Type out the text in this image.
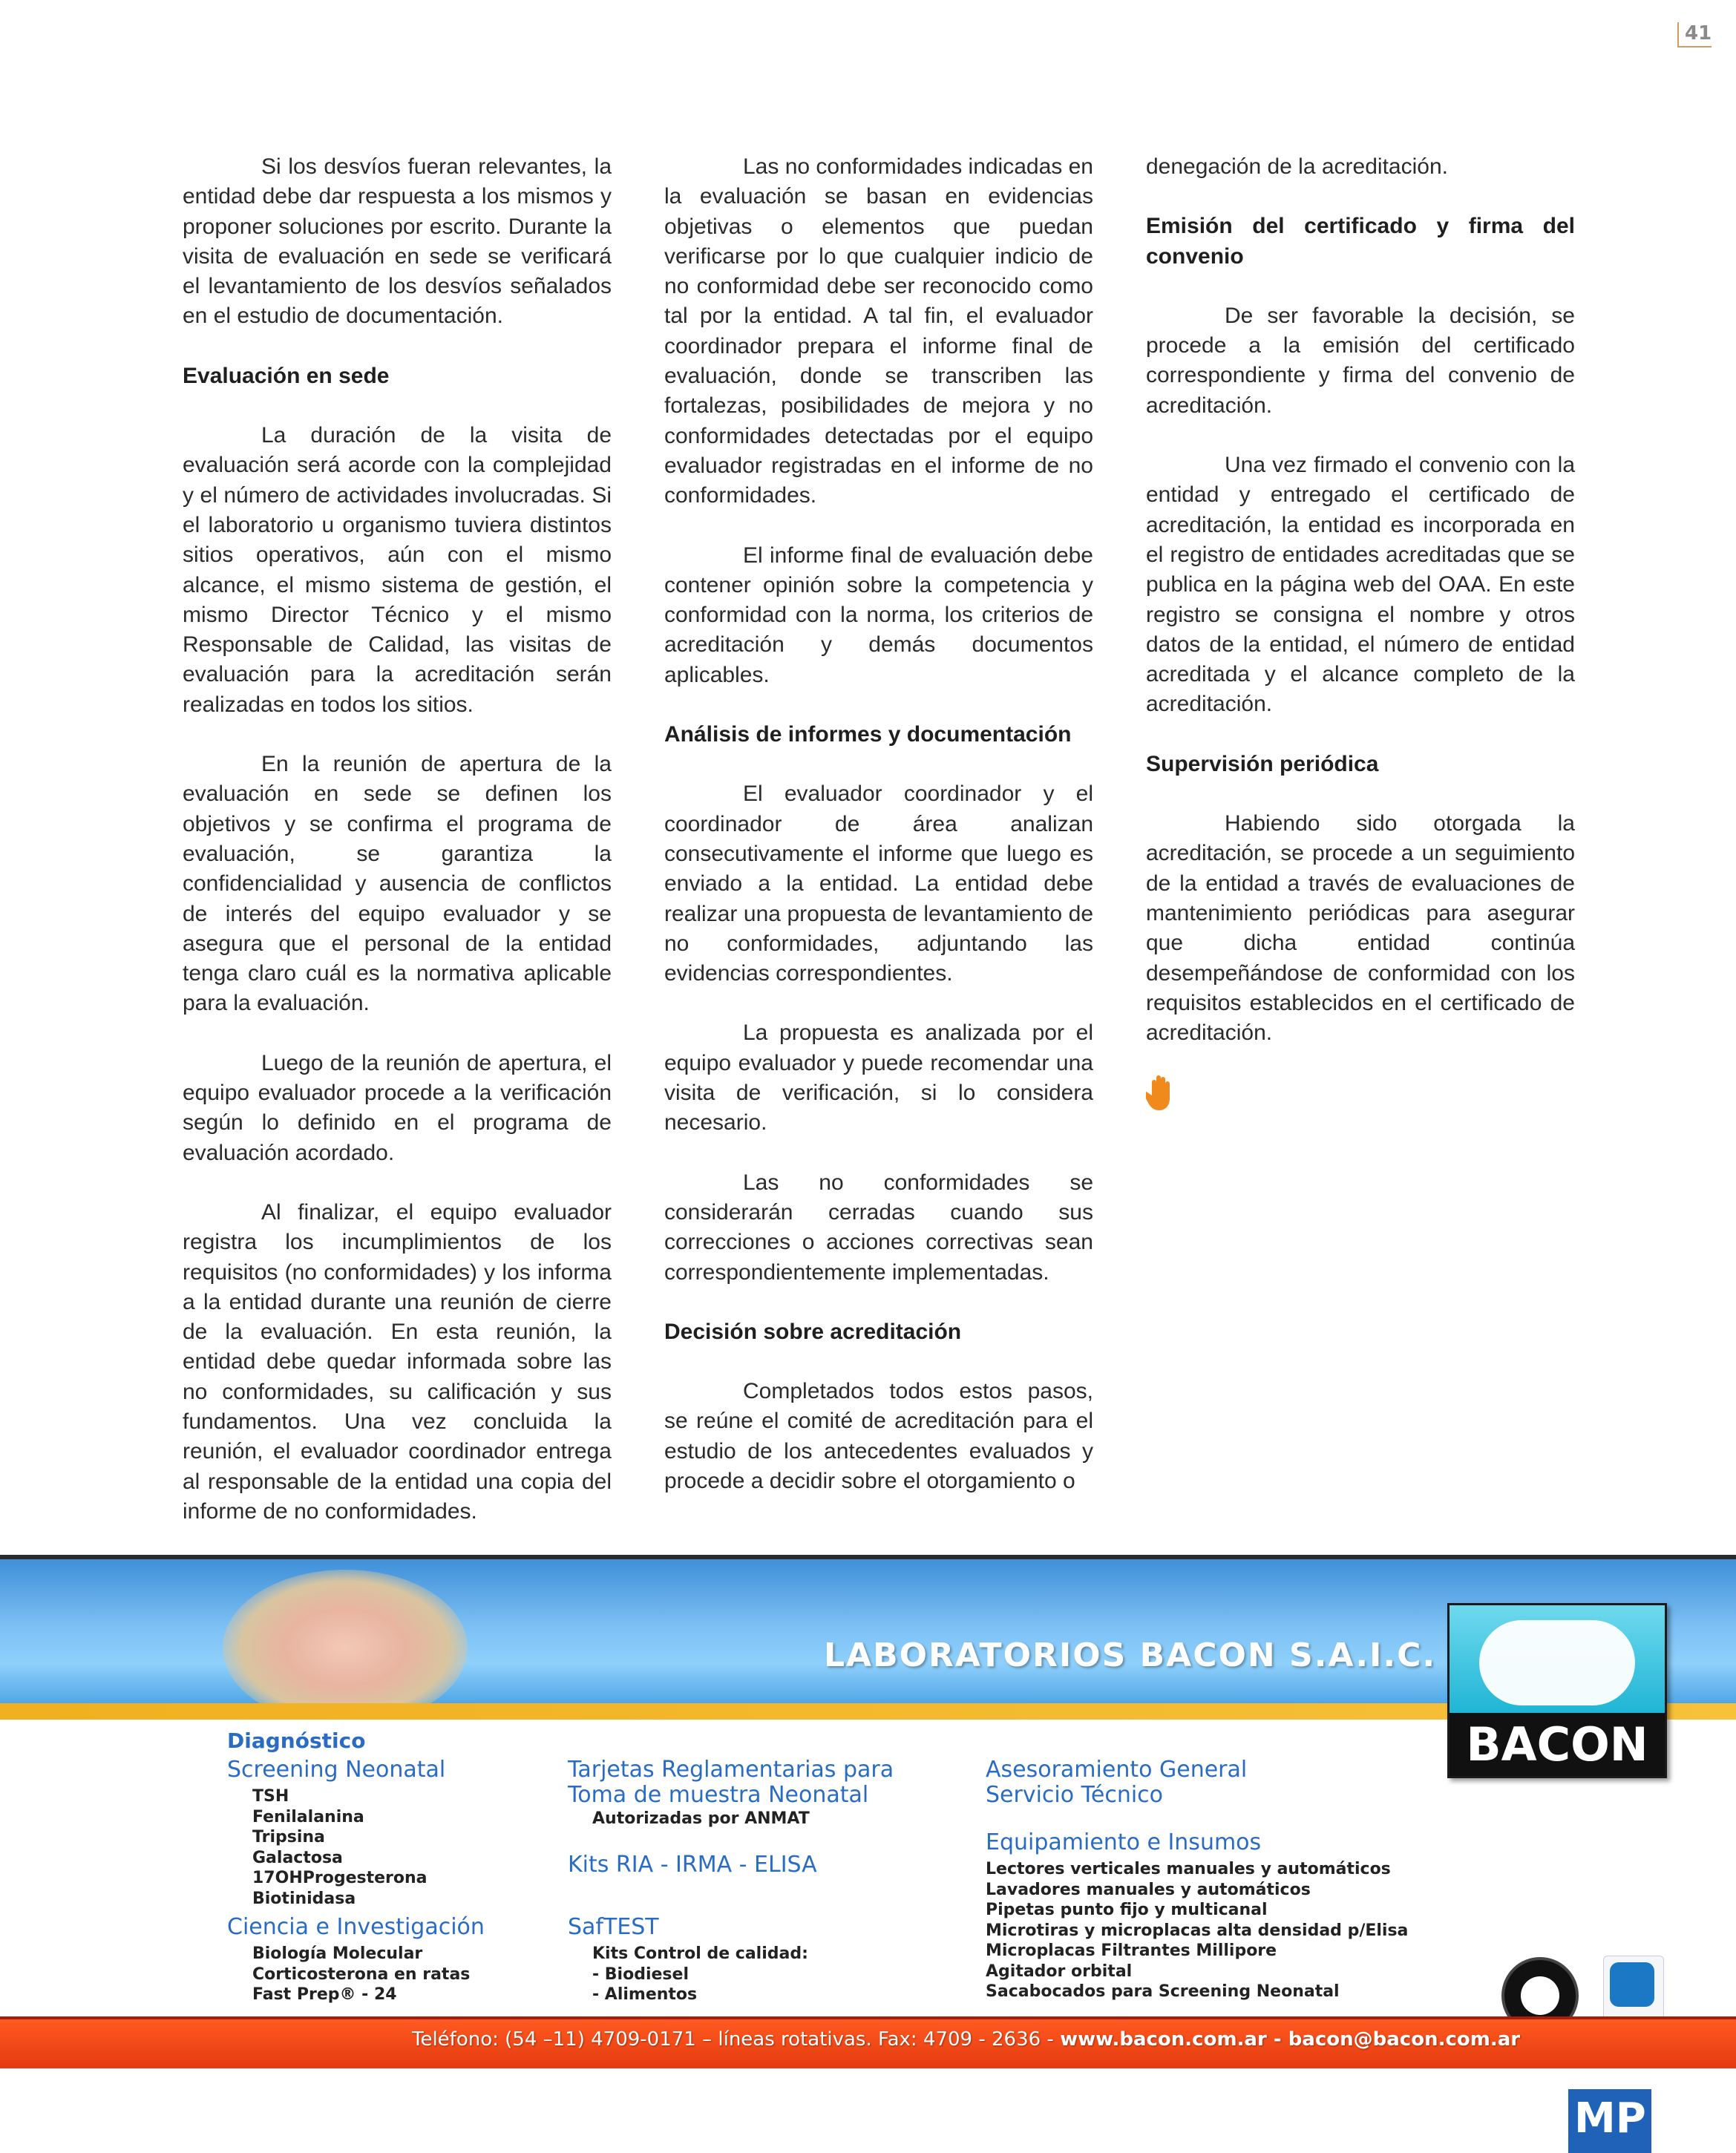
41

Si los desvíos fueran relevantes, la entidad debe dar respuesta a los mismos y proponer soluciones por escrito. Durante la visita de evaluación en sede se verificará el levantamiento de los desvíos señalados en el estudio de documentación.

Evaluación en sede

La duración de la visita de evaluación será acorde con la complejidad y el número de actividades involucradas. Si el laboratorio u organismo tuviera distintos sitios operativos, aún con el mismo alcance, el mismo sistema de gestión, el mismo Director Técnico y el mismo Responsable de Calidad, las visitas de evaluación para la acreditación serán realizadas en todos los sitios.

En la reunión de apertura de la evaluación en sede se definen los objetivos y se confirma el programa de evaluación, se garantiza la confidencialidad y ausencia de conflictos de interés del equipo evaluador y se asegura que el personal de la entidad tenga claro cuál es la normativa aplicable para la evaluación.

Luego de la reunión de apertura, el equipo evaluador procede a la verificación según lo definido en el programa de evaluación acordado.

Al finalizar, el equipo evaluador registra los incumplimientos de los requisitos (no conformidades) y los informa a la entidad durante una reunión de cierre de la evaluación. En esta reunión, la entidad debe quedar informada sobre las no conformidades, su calificación y sus fundamentos. Una vez concluida la reunión, el evaluador coordinador entrega al responsable de la entidad una copia del informe de no conformidades.

Las no conformidades indicadas en la evaluación se basan en evidencias objetivas o elementos que puedan verificarse por lo que cualquier indicio de no conformidad debe ser reconocido como tal por la entidad. A tal fin, el evaluador coordinador prepara el informe final de evaluación, donde se transcriben las fortalezas, posibilidades de mejora y no conformidades detectadas por el equipo evaluador registradas en el informe de no conformidades.

El informe final de evaluación debe contener opinión sobre la competencia y conformidad con la norma, los criterios de acreditación y demás documentos aplicables.

Análisis de informes y documentación

El evaluador coordinador y el coordinador de área analizan consecutivamente el informe que luego es enviado a la entidad. La entidad debe realizar una propuesta de levantamiento de no conformidades, adjuntando las evidencias correspondientes.

La propuesta es analizada por el equipo evaluador y puede recomendar una visita de verificación, si lo considera necesario.

Las no conformidades se considerarán cerradas cuando sus correcciones o acciones correctivas sean correspondientemente implementadas.

Decisión sobre acreditación

Completados todos estos pasos, se reúne el comité de acreditación para el estudio de los antecedentes evaluados y procede a decidir sobre el otorgamiento o

denegación de la acreditación.

Emisión del certificado y firma del convenio

De ser favorable la decisión, se procede a la emisión del certificado correspondiente y firma del convenio de acreditación.

Una vez firmado el convenio con la entidad y entregado el certificado de acreditación, la entidad es incorporada en el registro de entidades acreditadas que se publica en la página web del OAA. En este registro se consigna el nombre y otros datos de la entidad, el número de entidad acreditada y el alcance completo de la acreditación.

Supervisión periódica

Habiendo sido otorgada la acreditación, se procede a un seguimiento de la entidad a través de evaluaciones de mantenimiento periódicas para asegurar que dicha entidad continúa desempeñándose de conformidad con los requisitos establecidos en el certificado de acreditación.

LABORATORIOS BACON S.A.I.C.
Diagnóstico
Screening Neonatal
TSH
Fenilalanina
Tripsina
Galactosa
17OHProgesterona
Biotinidasa
Ciencia e Investigación
Biología Molecular
Corticosterona en ratas
Fast Prep® - 24
Tarjetas Reglamentarias para
Toma de muestra Neonatal
Autorizadas por ANMAT
Kits RIA - IRMA - ELISA
SafTEST
Kits Control de calidad:
- Biodiesel
- Alimentos
Asesoramiento General
Servicio Técnico
Equipamiento e Insumos
Lectores verticales manuales y automáticos
Lavadores manuales y automáticos
Pipetas punto fijo y multicanal
Microtiras y microplacas alta densidad p/Elisa
Microplacas Filtrantes Millipore
Agitador orbital
Sacabocados para Screening Neonatal
MP
BACON
Teléfono: (54 –11) 4709-0171 – líneas rotativas. Fax: 4709 - 2636 - www.bacon.com.ar - bacon@bacon.com.ar
